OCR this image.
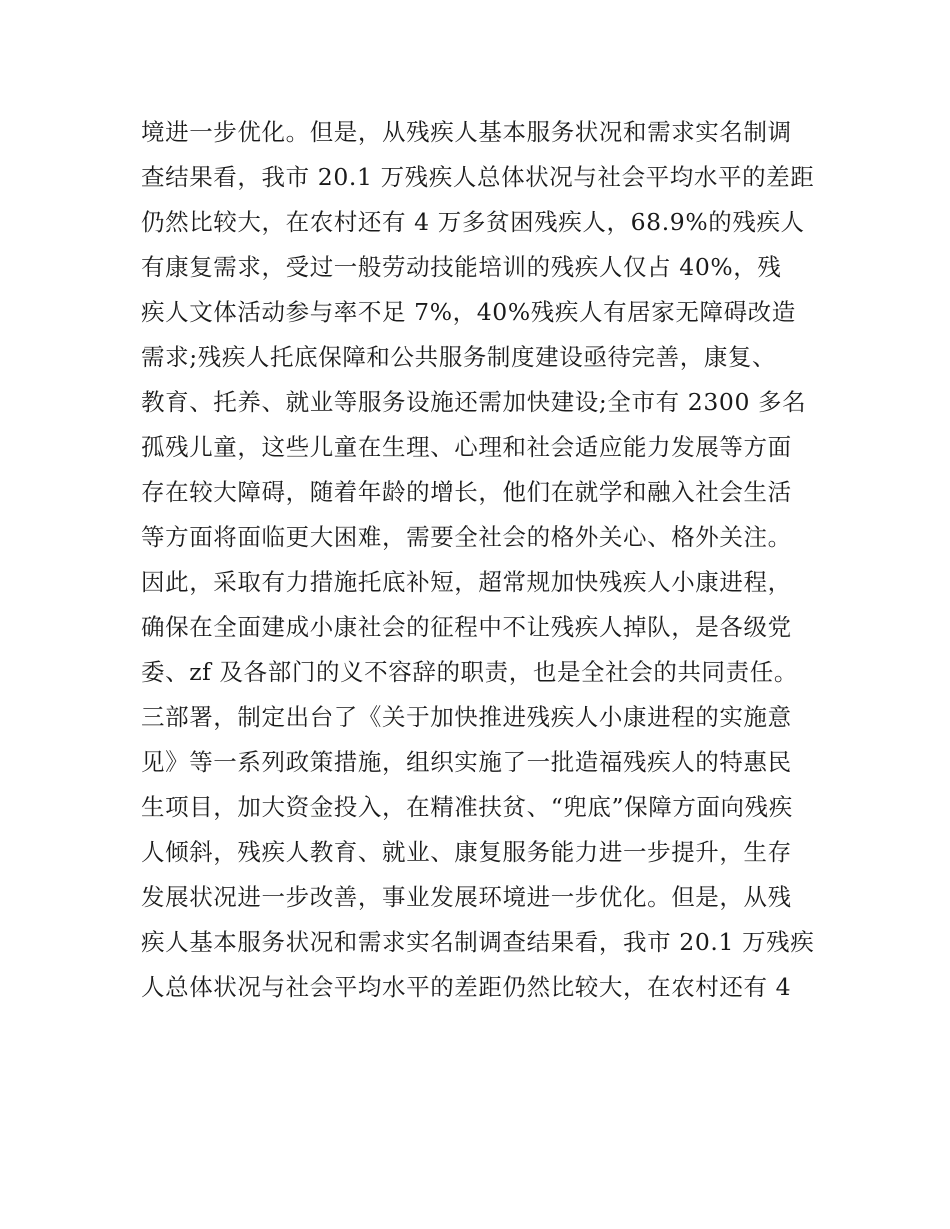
境进一步优化。但是，从残疾人基本服务状况和需求实名制调
查结果看，我市 20.1 万残疾人总体状况与社会平均水平的差距
仍然比较大，在农村还有 4 万多贫困残疾人，68.9%的残疾人
有康复需求，受过一般劳动技能培训的残疾人仅占 40%，残
疾人文体活动参与率不足 7%，40%残疾人有居家无障碍改造
需求;残疾人托底保障和公共服务制度建设亟待完善，康复、
教育、托养、就业等服务设施还需加快建设;全市有 2300 多名
孤残儿童，这些儿童在生理、心理和社会适应能力发展等方面
存在较大障碍，随着年龄的增长，他们在就学和融入社会生活
等方面将面临更大困难，需要全社会的格外关心、格外关注。
因此，采取有力措施托底补短，超常规加快残疾人小康进程，
确保在全面建成小康社会的征程中不让残疾人掉队，是各级党
委、zf 及各部门的义不容辞的职责，也是全社会的共同责任。
三部署，制定出台了《关于加快推进残疾人小康进程的实施意
见》等一系列政策措施，组织实施了一批造福残疾人的特惠民
生项目，加大资金投入，在精准扶贫、“兜底”保障方面向残疾
人倾斜，残疾人教育、就业、康复服务能力进一步提升，生存
发展状况进一步改善，事业发展环境进一步优化。但是，从残
疾人基本服务状况和需求实名制调查结果看，我市 20.1 万残疾
人总体状况与社会平均水平的差距仍然比较大，在农村还有 4
